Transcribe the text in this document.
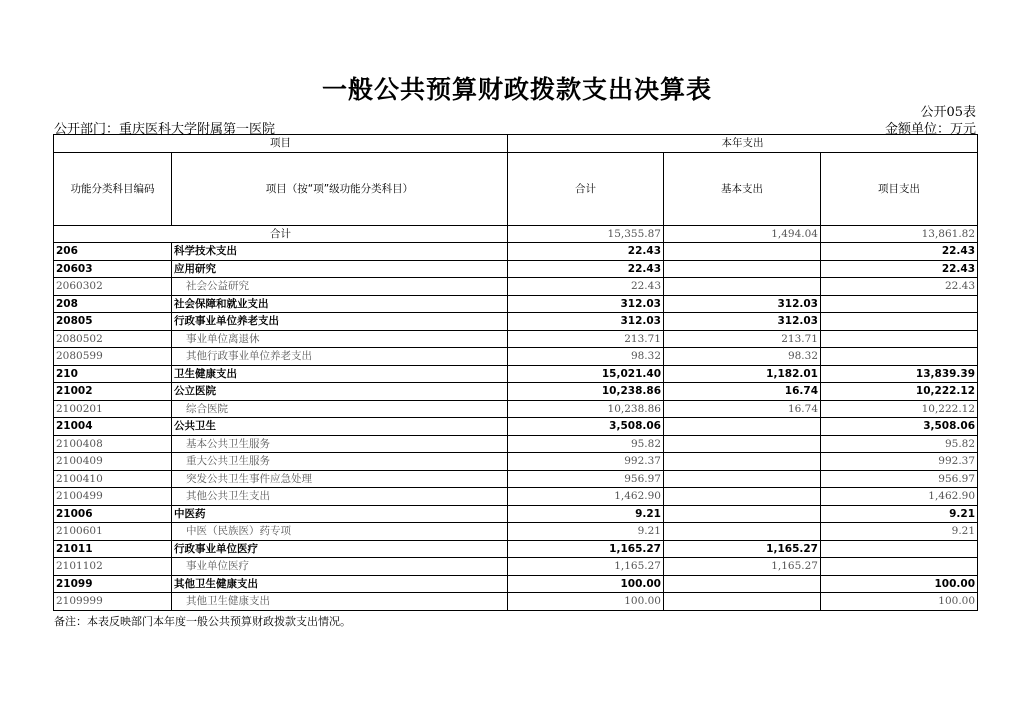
一般公共预算财政拨款支出决算表
公开05表
公开部门：重庆医科大学附属第一医院	金额单位：万元
项目		本年支出		
功能分类科目编码	项目（按“项”级功能分类科目）	合计	基本支出	项目支出
合计		15,355.87	1,494.04	13,861.82
206	科学技术支出	22.43		22.43
20603	应用研究	22.43		22.43
2060302	社会公益研究	22.43		22.43
208	社会保障和就业支出	312.03	312.03	
20805	行政事业单位养老支出	312.03	312.03	
2080502	事业单位离退休	213.71	213.71	
2080599	其他行政事业单位养老支出	98.32	98.32	
210	卫生健康支出	15,021.40	1,182.01	13,839.39
21002	公立医院	10,238.86	16.74	10,222.12
2100201	综合医院	10,238.86	16.74	10,222.12
21004	公共卫生	3,508.06		3,508.06
2100408	基本公共卫生服务	95.82		95.82
2100409	重大公共卫生服务	992.37		992.37
2100410	突发公共卫生事件应急处理	956.97		956.97
2100499	其他公共卫生支出	1,462.90		1,462.90
21006	中医药	9.21		9.21
2100601	中医（民族医）药专项	9.21		9.21
21011	行政事业单位医疗	1,165.27	1,165.27	
2101102	事业单位医疗	1,165.27	1,165.27	
21099	其他卫生健康支出	100.00		100.00
2109999	其他卫生健康支出	100.00		100.00
备注：本表反映部门本年度一般公共预算财政拨款支出情况。
